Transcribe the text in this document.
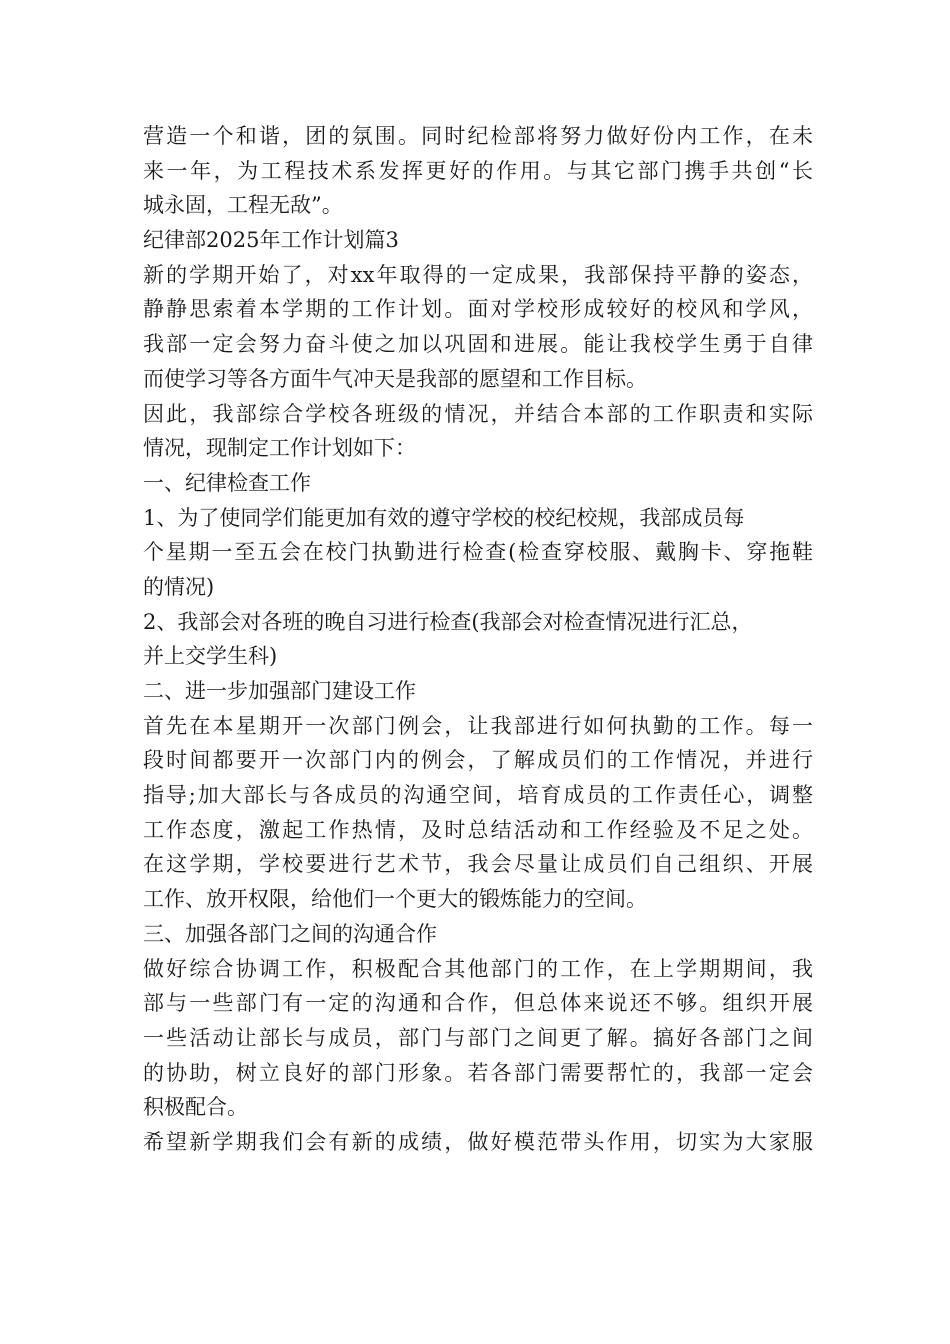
营造一个和谐，团的氛围。同时纪检部将努力做好份内工作，在未
来一年，为工程技术系发挥更好的作用。与其它部门携手共创“长
城永固，工程无敌”。
纪律部2025年工作计划篇3
新的学期开始了，对xx年取得的一定成果，我部保持平静的姿态，
静静思索着本学期的工作计划。面对学校形成较好的校风和学风，
我部一定会努力奋斗使之加以巩固和进展。能让我校学生勇于自律
而使学习等各方面牛气冲天是我部的愿望和工作目标。
因此，我部综合学校各班级的情况，并结合本部的工作职责和实际
情况，现制定工作计划如下：
一、纪律检查工作
1、为了使同学们能更加有效的遵守学校的校纪校规，我部成员每
个星期一至五会在校门执勤进行检查(检查穿校服、戴胸卡、穿拖鞋
的情况)
2、我部会对各班的晚自习进行检查(我部会对检查情况进行汇总，
并上交学生科)
二、进一步加强部门建设工作
首先在本星期开一次部门例会，让我部进行如何执勤的工作。每一
段时间都要开一次部门内的例会，了解成员们的工作情况，并进行
指导;加大部长与各成员的沟通空间，培育成员的工作责任心，调整
工作态度，激起工作热情，及时总结活动和工作经验及不足之处。
在这学期，学校要进行艺术节，我会尽量让成员们自己组织、开展
工作、放开权限，给他们一个更大的锻炼能力的空间。
三、加强各部门之间的沟通合作
做好综合协调工作，积极配合其他部门的工作，在上学期期间，我
部与一些部门有一定的沟通和合作，但总体来说还不够。组织开展
一些活动让部长与成员，部门与部门之间更了解。搞好各部门之间
的协助，树立良好的部门形象。若各部门需要帮忙的，我部一定会
积极配合。
希望新学期我们会有新的成绩，做好模范带头作用，切实为大家服
